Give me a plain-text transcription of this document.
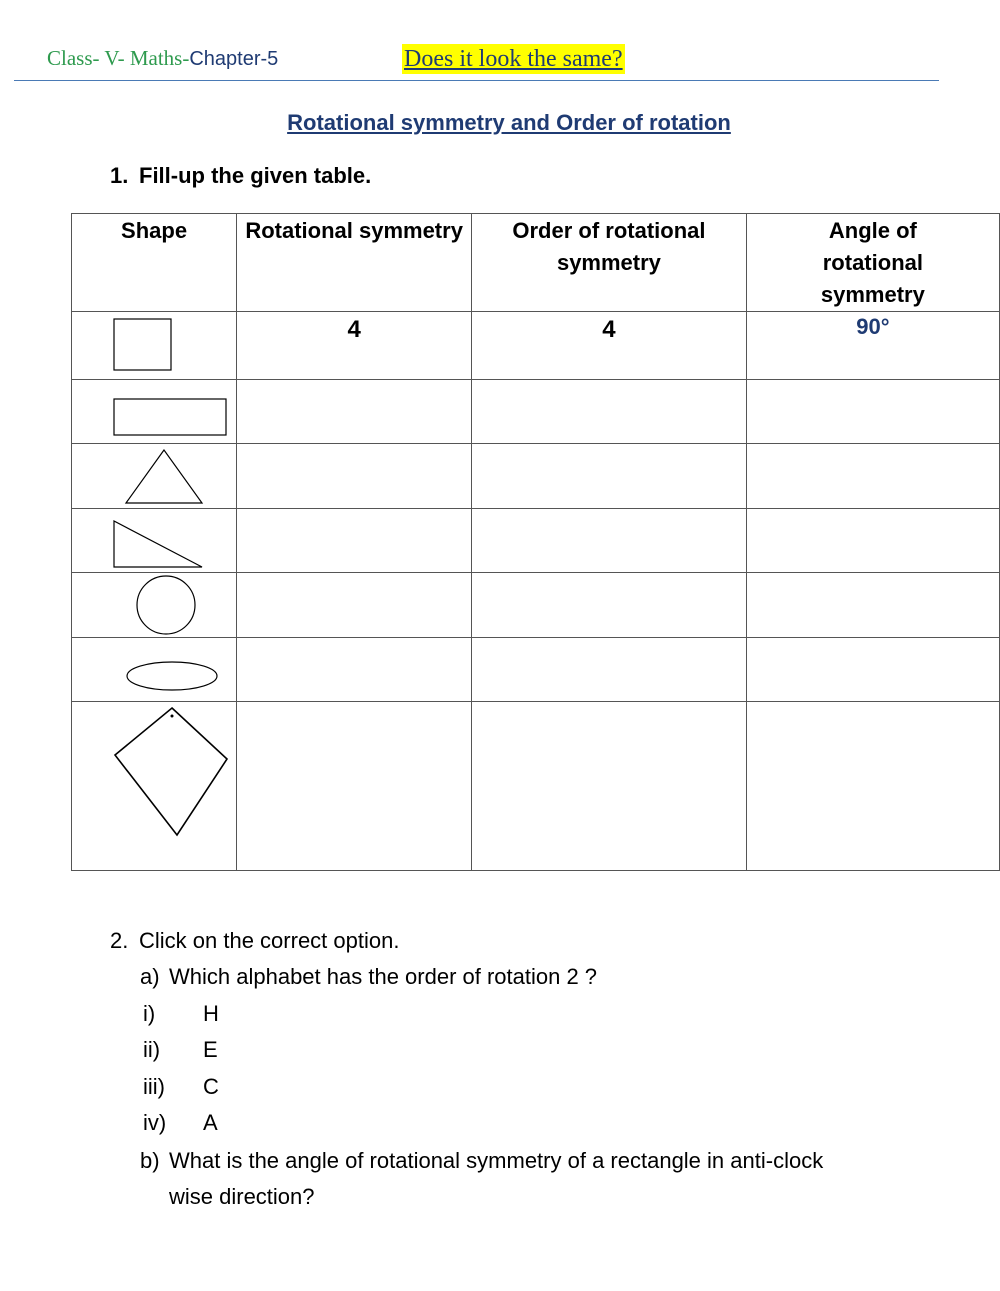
Class- V- Maths-Chapter-5	Does it look the same?
Rotational symmetry and Order of rotation
1. Fill-up the given table.
Shape	Rotational symmetry	Order of rotational symmetry	Angle of rotational symmetry

	4	4	90°

2. Click on the correct option.
a) Which alphabet has the order of rotation 2 ?
i) H
ii) E
iii) C
iv) A
b) What is the angle of rotational symmetry of a rectangle in anti-clock
wise direction?
